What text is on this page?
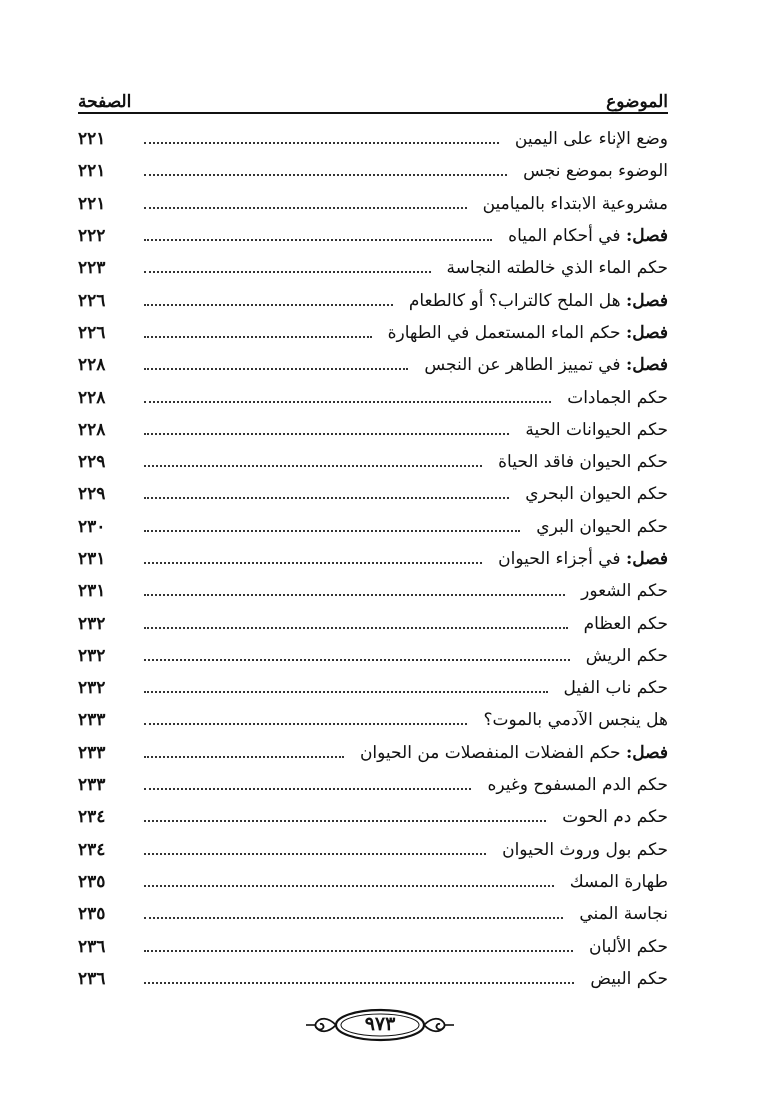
الموضوع
الصفحة
وضع الإناء على اليمين
٢٢١
الوضوء بموضع نجس
٢٢١
مشروعية الابتداء بالميامين
٢٢١
فصل: في أحكام المياه
٢٢٢
حكم الماء الذي خالطته النجاسة
٢٢٣
فصل: هل الملح كالتراب؟ أو كالطعام
٢٢٦
فصل: حكم الماء المستعمل في الطهارة
٢٢٦
فصل: في تمييز الطاهر عن النجس
٢٢٨
حكم الجمادات
٢٢٨
حكم الحيوانات الحية
٢٢٨
حكم الحيوان فاقد الحياة
٢٢٩
حكم الحيوان البحري
٢٢٩
حكم الحيوان البري
٢٣٠
فصل: في أجزاء الحيوان
٢٣١
حكم الشعور
٢٣١
حكم العظام
٢٣٢
حكم الريش
٢٣٢
حكم ناب الفيل
٢٣٢
هل ينجس الآدمي بالموت؟
٢٣٣
فصل: حكم الفضلات المنفصلات من الحيوان
٢٣٣
حكم الدم المسفوح وغيره
٢٣٣
حكم دم الحوت
٢٣٤
حكم بول وروث الحيوان
٢٣٤
طهارة المسك
٢٣٥
نجاسة المني
٢٣٥
حكم الألبان
٢٣٦
حكم البيض
٢٣٦
٩٧٣
